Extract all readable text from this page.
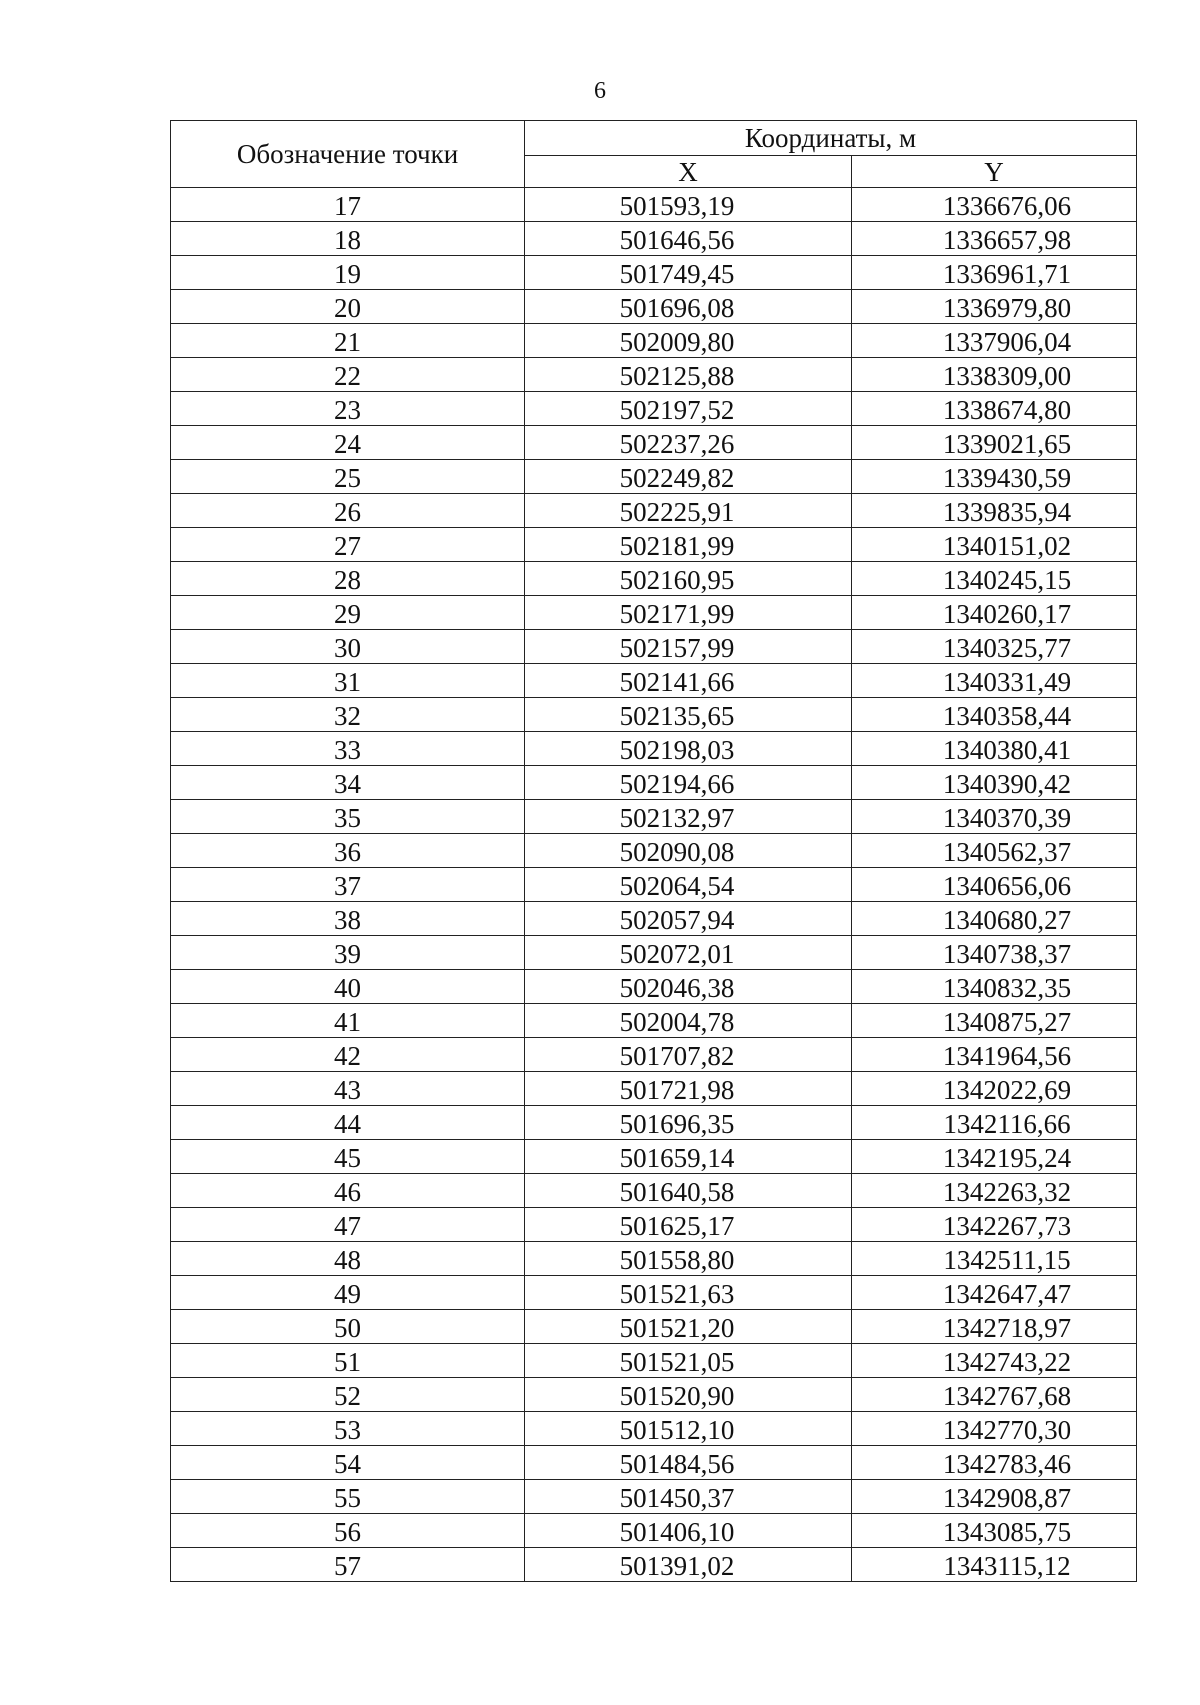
6
Обозначение точки	Координаты, м	
	X	Y
17	501593,19	1336676,06
18	501646,56	1336657,98
19	501749,45	1336961,71
20	501696,08	1336979,80
21	502009,80	1337906,04
22	502125,88	1338309,00
23	502197,52	1338674,80
24	502237,26	1339021,65
25	502249,82	1339430,59
26	502225,91	1339835,94
27	502181,99	1340151,02
28	502160,95	1340245,15
29	502171,99	1340260,17
30	502157,99	1340325,77
31	502141,66	1340331,49
32	502135,65	1340358,44
33	502198,03	1340380,41
34	502194,66	1340390,42
35	502132,97	1340370,39
36	502090,08	1340562,37
37	502064,54	1340656,06
38	502057,94	1340680,27
39	502072,01	1340738,37
40	502046,38	1340832,35
41	502004,78	1340875,27
42	501707,82	1341964,56
43	501721,98	1342022,69
44	501696,35	1342116,66
45	501659,14	1342195,24
46	501640,58	1342263,32
47	501625,17	1342267,73
48	501558,80	1342511,15
49	501521,63	1342647,47
50	501521,20	1342718,97
51	501521,05	1342743,22
52	501520,90	1342767,68
53	501512,10	1342770,30
54	501484,56	1342783,46
55	501450,37	1342908,87
56	501406,10	1343085,75
57	501391,02	1343115,12
